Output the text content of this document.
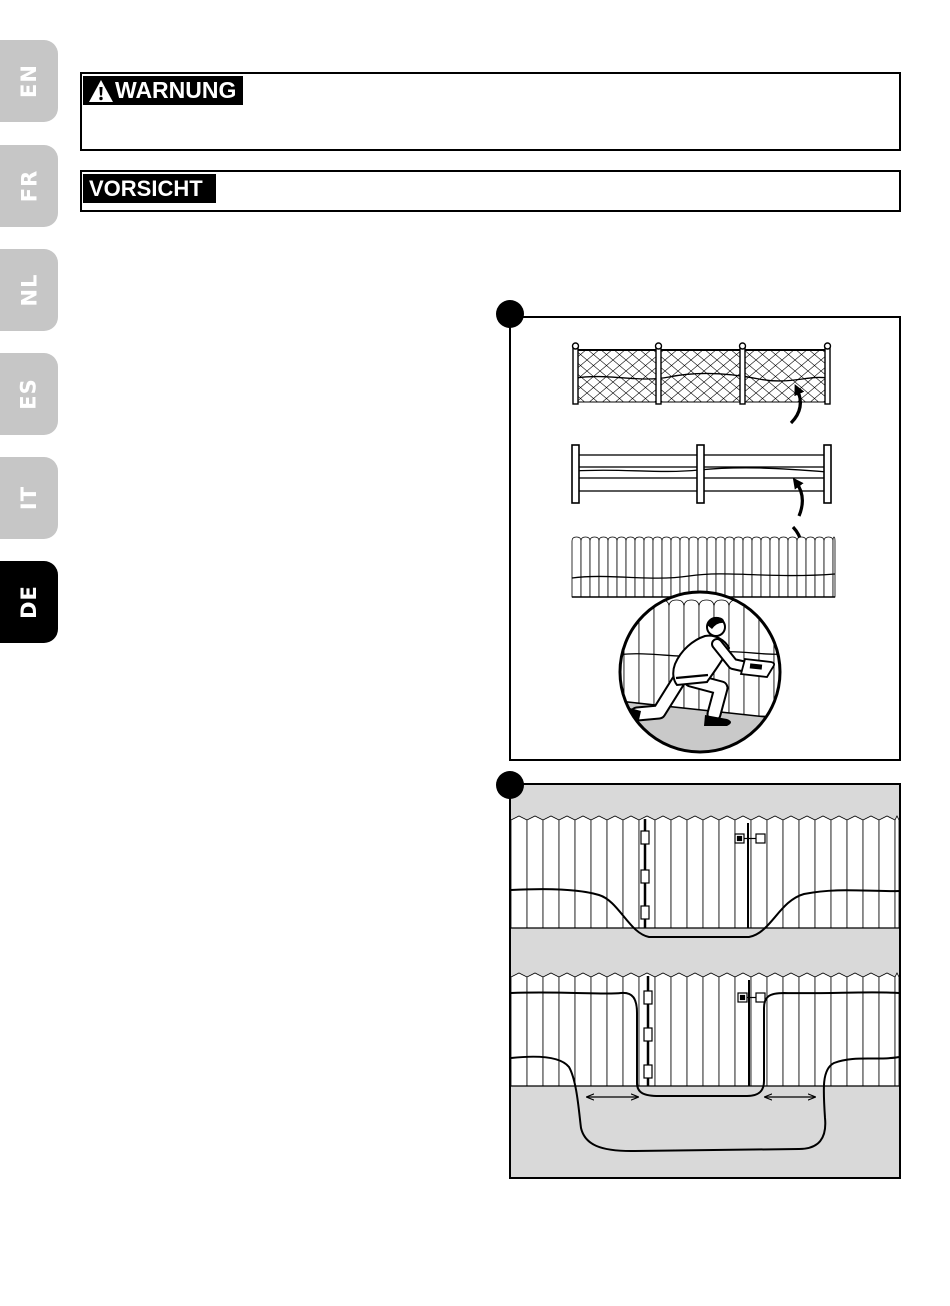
EN
FR
NL
ES
IT
DE
WARNUNG
VORSICHT
